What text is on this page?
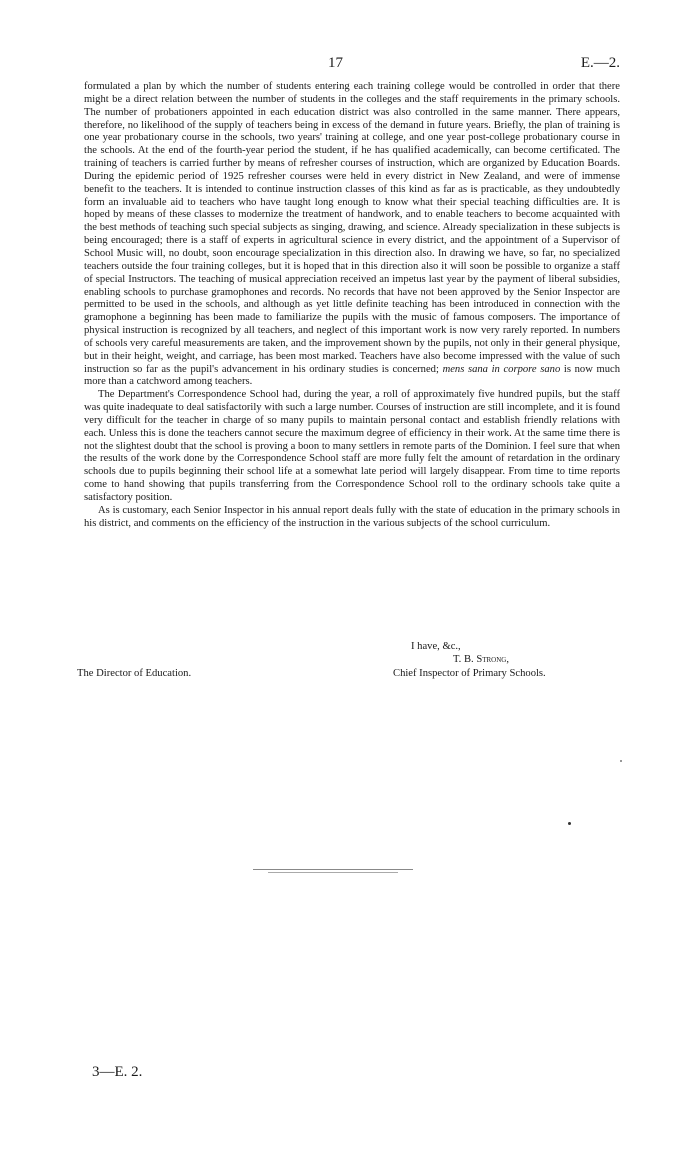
17	E.—2.

formulated a plan by which the number of students entering each training college would be controlled in order that there might be a direct relation between the number of students in the colleges and the staff requirements in the primary schools. The number of probationers appointed in each education district was also controlled in the same manner. There appears, therefore, no likelihood of the supply of teachers being in excess of the demand in future years. Briefly, the plan of training is one year probationary course in the schools, two years' training at college, and one year post-college probationary course in the schools. At the end of the fourth-year period the student, if he has qualified academically, can become certificated. The training of teachers is carried further by means of refresher courses of instruction, which are organized by Education Boards. During the epidemic period of 1925 refresher courses were held in every district in New Zealand, and were of immense benefit to the teachers. It is intended to continue instruction classes of this kind as far as is practicable, as they undoubtedly form an invaluable aid to teachers who have taught long enough to know what their special teaching difficulties are. It is hoped by means of these classes to modernize the treatment of handwork, and to enable teachers to become acquainted with the best methods of teaching such special subjects as singing, drawing, and science. Already specialization in these subjects is being encouraged; there is a staff of experts in agricultural science in every district, and the appointment of a Supervisor of School Music will, no doubt, soon encourage specialization in this direction also. In drawing we have, so far, no specialized teachers outside the four training colleges, but it is hoped that in this direction also it will soon be possible to organize a staff of special Instructors. The teaching of musical appreciation received an impetus last year by the payment of liberal subsidies, enabling schools to purchase gramophones and records. No records that have not been approved by the Senior Inspector are permitted to be used in the schools, and although as yet little definite teaching has been introduced in connection with the gramophone a beginning has been made to familiarize the pupils with the music of famous composers. The importance of physical instruction is recognized by all teachers, and neglect of this important work is now very rarely reported. In numbers of schools very careful measurements are taken, and the improvement shown by the pupils, not only in their general physique, but in their height, weight, and carriage, has been most marked. Teachers have also become impressed with the value of such instruction so far as the pupil's advancement in his ordinary studies is concerned; mens sana in corpore sano is now much more than a catchword among teachers.

The Department's Correspondence School had, during the year, a roll of approximately five hundred pupils, but the staff was quite inadequate to deal satisfactorily with such a large number. Courses of instruction are still incomplete, and it is found very difficult for the teacher in charge of so many pupils to maintain personal contact and establish friendly relations with each. Unless this is done the teachers cannot secure the maximum degree of efficiency in their work. At the same time there is not the slightest doubt that the school is proving a boon to many settlers in remote parts of the Dominion. I feel sure that when the results of the work done by the Correspondence School staff are more fully felt the amount of retardation in the ordinary schools due to pupils beginning their school life at a somewhat late period will largely disappear. From time to time reports come to hand showing that pupils transferring from the Correspondence School roll to the ordinary schools take quite a satisfactory position.

As is customary, each Senior Inspector in his annual report deals fully with the state of education in the primary schools in his district, and comments on the efficiency of the instruction in the various subjects of the school curriculum.

I have, &c.,
T. B. Strong,
Chief Inspector of Primary Schools.
The Director of Education.
3—E. 2.
